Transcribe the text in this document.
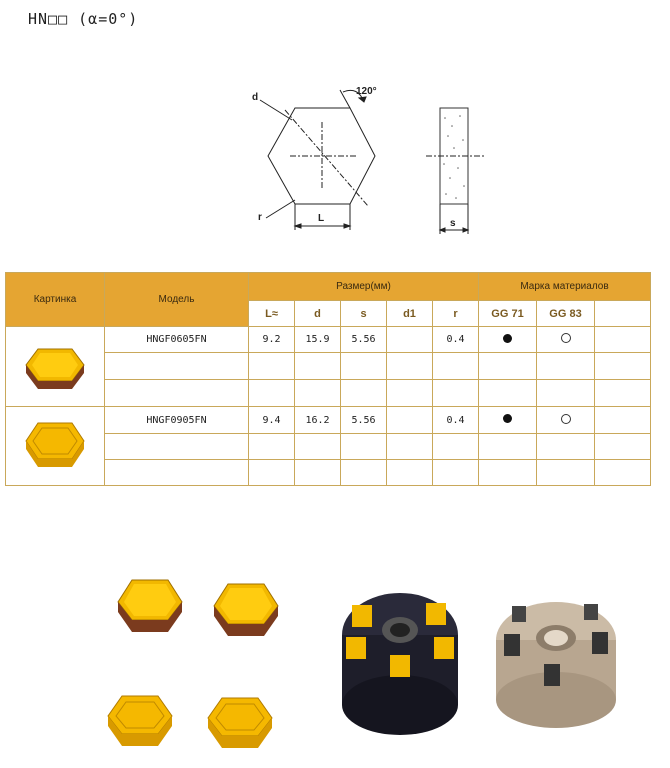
HN□□ (α=0°)
d
120°
r	L	s
Картинка	Модель	Размер(мм)					Марка материалов		
		L≈	d	s	d1	r	GG 71	GG 83	
	HNGF0605FN	9.2	15.9	5.56		0.4			

	HNGF0905FN	9.4	16.2	5.56		0.4			
